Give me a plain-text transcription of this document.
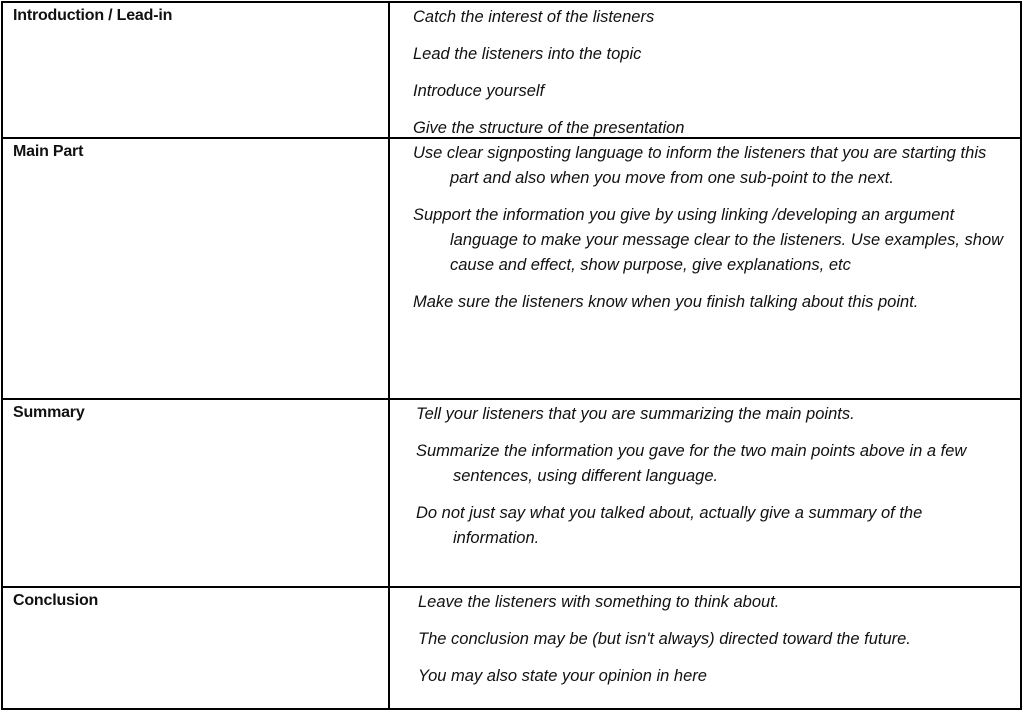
Introduction / Lead-in	Catch the interest of the listeners

Lead the listeners into the topic

Introduce yourself

Give the structure of the presentation

Main Part	Use clear signposting language to inform the listeners that you are starting this part and also when you move from one sub-point to the next.

Support the information you give by using linking /developing an argument language to make your message clear to the listeners. Use examples, show cause and effect, show purpose, give explanations, etc

Make sure the listeners know when you finish talking about this point.

Summary	Tell your listeners that you are summarizing the main points.

Summarize the information you gave for the two main points above in a few sentences, using different language.

Do not just say what you talked about, actually give a summary of the information.

Conclusion	Leave the listeners with something to think about.

The conclusion may be (but isn't always) directed toward the future.

You may also state your opinion in here
